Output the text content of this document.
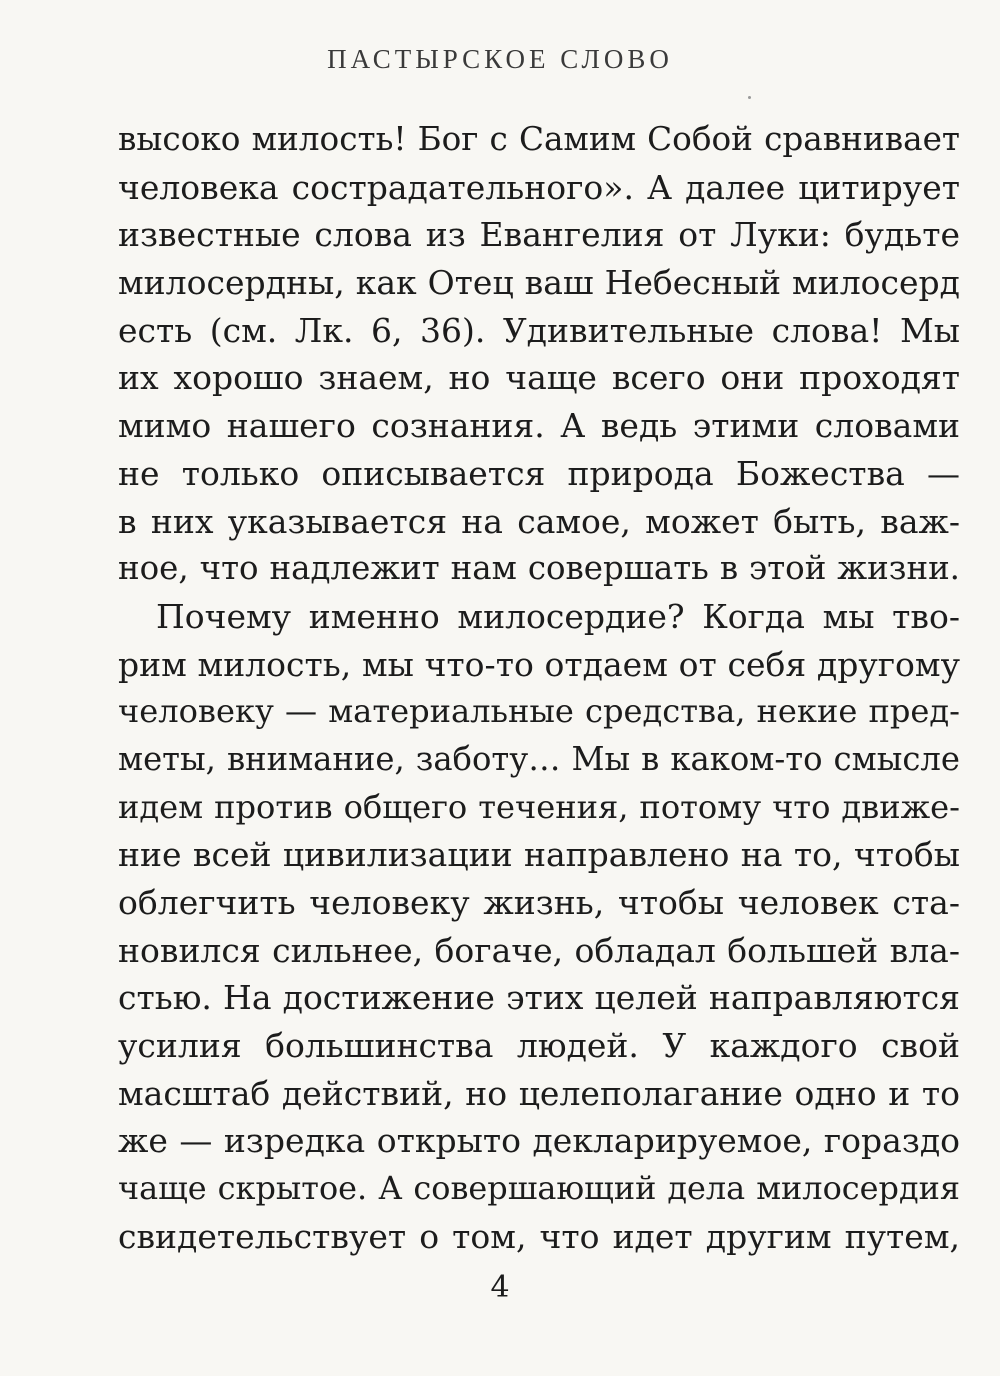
ПАСТЫРСКОЕ СЛОВО
высоко милость! Бог с Самим Собой сравнивает
человека сострадательного». А далее цитирует
известные слова из Евангелия от Луки: будьте
милосердны, как Отец ваш Небесный милосерд
есть (см. Лк. 6, 36). Удивительные слова! Мы
их хорошо знаем, но чаще всего они проходят
мимо нашего сознания. А ведь этими словами
не только описывается природа Божества —
в них указывается на самое, может быть, важ-
ное, что надлежит нам совершать в этой жизни.
Почему именно милосердие? Когда мы тво-
рим милость, мы что-то отдаем от себя другому
человеку — материальные средства, некие пред-
меты, внимание, заботу… Мы в каком-то смысле
идем против общего течения, потому что движе-
ние всей цивилизации направлено на то, чтобы
облегчить человеку жизнь, чтобы человек ста-
новился сильнее, богаче, обладал большей вла-
стью. На достижение этих целей направляются
усилия большинства людей. У каждого свой
масштаб действий, но целеполагание одно и то
же — изредка открыто декларируемое, гораздо
чаще скрытое. А совершающий дела милосердия
свидетельствует о том, что идет другим путем,
4
